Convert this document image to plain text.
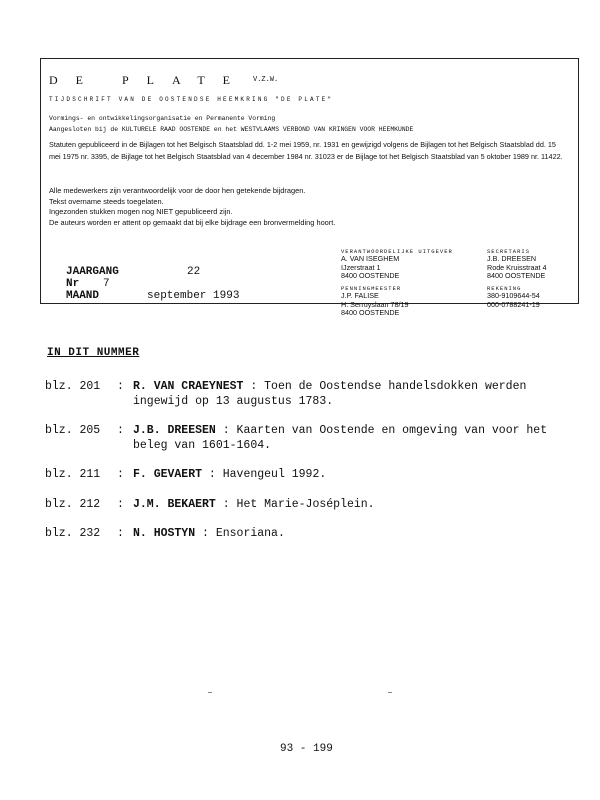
DE PLATE V.Z.W.
TIJDSCHRIFT VAN DE OOSTENDSE HEEMKRING "DE PLATE"
Vormings- en ontwikkelingsorganisatie en Permanente Vorming
Aangesloten bij de KULTURELE RAAD OOSTENDE en het WESTVLAAMS VERBOND VAN KRINGEN VOOR HEEMKUNDE
Statuten gepubliceerd in de Bijlagen tot het Belgisch Staatsblad dd. 1-2 mei 1959, nr. 1931 en gewijzigd volgens de Bijlagen tot het Belgisch Staatsblad dd. 15 mei 1975 nr. 3395, de Bijlage tot het Belgisch Staatsblad van 4 december 1984 nr. 31023 er de Bijlage tot het Belgisch Staatsblad van 5 oktober 1989 nr. 11422.
Alle medewerkers zijn verantwoordelijk voor de door hen getekende bijdragen.
Tekst overname steeds toegelaten.
Ingezonden stukken mogen nog NIET gepubliceerd zijn.
De auteurs worden er attent op gemaakt dat bij elke bijdrage een bronvermelding hoort.
JAARGANG	22
Nr 7
MAAND	september 1993
VERANTWOORDELIJKE UITGEVER
A. VAN ISEGHEM
IJzerstraat 1
8400 OOSTENDE
SECRETARIS
J.B. DREESEN
Rode Kruisstraat 4
8400 OOSTENDE
PENNINGMEESTER
J.P. FALISE
H. Serruyslaan 78/19
8400 OOSTENDE
REKENING
380-9109644-54
000-0788241-19
IN DIT NUMMER
blz. 201 : R. VAN CRAEYNEST : Toen de Oostendse handelsdokken werden ingewijd op 13 augustus 1783.
blz. 205 : J.B. DREESEN : Kaarten van Oostende en omgeving van voor het beleg van 1601-1604.
blz. 211 : F. GEVAERT : Havengeul 1992.
blz. 212 : J.M. BEKAERT : Het Marie-Joséplein.
blz. 232 : N. HOSTYN : Ensoriana.
93 - 199
